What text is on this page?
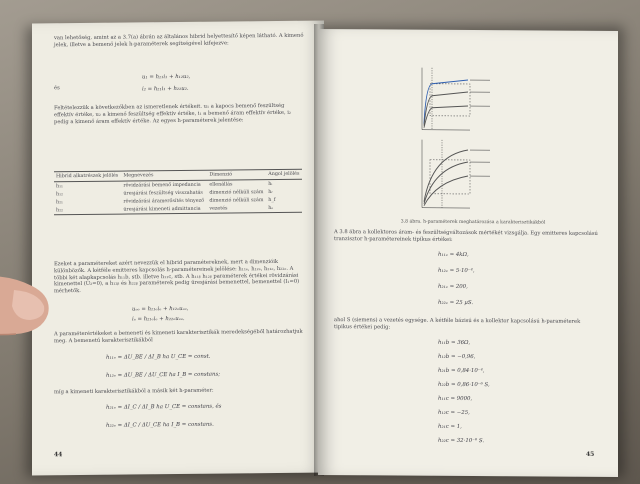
van lehetőség, amint az a 3.7(a) ábrán az általános hibrid helyettesítő képen látható. A kimenő jelek, illetve a bemenő jelek h-paraméterek segítségével kifejezve:
u₁ = h₁₁i₁ + h₁₂u₂,
és	i₂ = h₂₁i₁ + h₂₂u₂.
Feltételezzük a következőkben az ismeretlenek értékeit. u₁ a kapocs bemenő feszültség effektív értéke, u₂ a kimenő feszültség effektív értéke, i₁ a bemenő áram effektív értéke, i₂ pedig a kimenő áram effektív értéke. Az egyes h-paraméterek jelentése:
Hibrid alkatrészek jelölés	Megnevezés	Dimenzió	Angol jelölés
h₁₁	rövidzárási bemenő impedancia	ellenállás	hᵢ
h₁₂	üresjárási feszültség visszahatás	dimenzió nélküli szám	hᵣ
h₂₁	rövidzárási áramerősítés tényező	dimenzió nélküli szám	h_f
h₂₂	üresjárási kimeneti admittancia	vezetés	hₒ
Ezeket a paramétereket azért nevezzük el hibrid paramétereknek, mert a dimenzióik különbözők. A kétféle emitteres kapcsolás h-paramétereinek jelölése: h₁₁ₑ, h₁₂ₑ, h₂₁ₑ, h₂₂ₑ. A többi két alapkapcsolás h₁₁b, stb. illetve h₁₁c, stb. A h₁₁ᵦ h₁₂ᵦ paraméterek értékei rövidzárási kimenettel (U₂=0), a h₁₂ᵦ és h₂₂ᵦ paraméterek pedig üresjárási bemenettel, bemenettel (I₁=0) mérhetők.
uₑₑ = h₁₁ₑiₑ + h₁₂ₑuₑₑ,
iₑ = h₂₁ₑiₑ + h₂₂ₑuₑₑ.
A paraméterértékeket a bemeneti és kimeneti karakterisztikák meredekségéből határozhatjuk meg. A bemenetű karakterisztikákból
h₁₁ₑ = ΔU_BE / ΔI_B ha U_CE = const.
h₁₂ₑ = ΔU_BE / ΔU_CE ha I_B = constans;
míg a kimeneti karakterisztikákból a másik két h-paraméter:
h₂₁ₑ = ΔI_C / ΔI_B ha U_CE = constans, és
h₂₂ₑ = ΔI_C / ΔU_CE ha I_B = constans.
44
3.8 ábra. h-paraméterek meghatározása a karakterisztikákból
A 3.8 ábra a kollektoros áram- és feszültségváltozások mértékét vizsgálja. Egy emitteres kapcsolású tranzisztor h-paramétereinek tipikus értékei:
h₁₁ₑ = 4kΩ,
h₁₂ₑ = 5·10⁻⁴,
h₂₁ₑ = 200,
h₂₂ₑ = 25 μS.
ahol S (siemens) a vezetés egysége. A kétféle bázisú és a kollektor kapcsolású h-paraméterek tipikus értékei pedig:
h₁₁b = 36Ω,
h₁₂b = −0,96,
h₂₁b = 0,84·10⁻⁴,
h₂₂b = 0,86·10⁻⁶ S,
h₁₁c = 9000,
h₁₂c = −25,
h₂₁c = 1,
h₂₂c = 32·10⁻⁶ S.
45
